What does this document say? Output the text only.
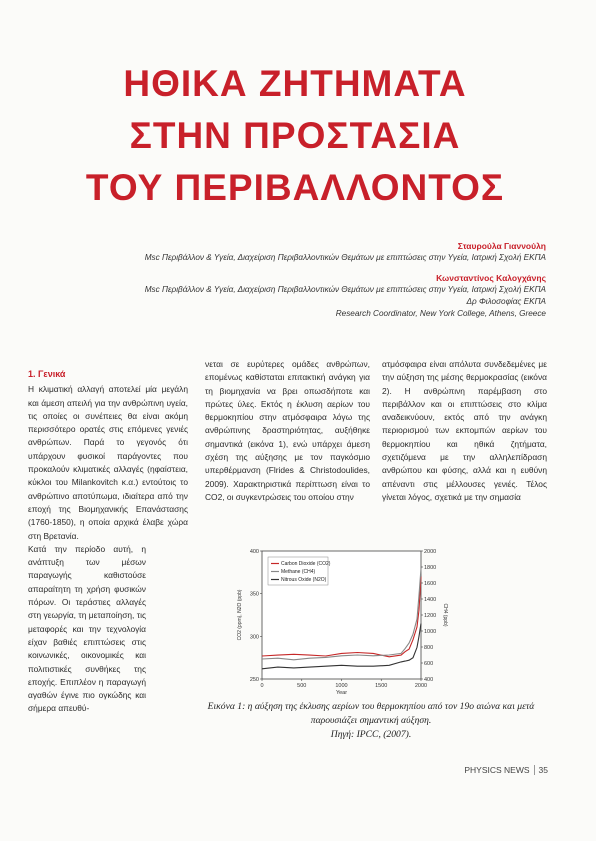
ΗΘΙΚΑ ΖΗΤΗΜΑΤΑ
ΣΤΗΝ ΠΡΟΣΤΑΣΙΑ
ΤΟΥ ΠΕΡΙΒΑΛΛΟΝΤΟΣ
Σταυρούλα Γιαννούλη
Msc Περιβάλλον & Υγεία, Διαχείριση Περιβαλλοντικών Θεμάτων με επιπτώσεις στην Υγεία, Ιατρική Σχολή ΕΚΠΑ
Κωνσταντίνος Καλογχάνης
Msc Περιβάλλον & Υγεία, Διαχείριση Περιβαλλοντικών Θεμάτων με επιπτώσεις στην Υγεία, Ιατρική Σχολή ΕΚΠΑ
Δρ Φιλοσοφίας ΕΚΠΑ
Research Coordinator, New York College, Athens, Greece
1. Γενικά

Η κλιματική αλλαγή αποτελεί μία μεγάλη και άμεση απειλή για την ανθρώπινη υγεία, τις οποίες οι συνέπειες θα είναι ακόμη περισσότερο ορατές στις επόμενες γενιές ανθρώπων. Παρά το γεγονός ότι υπάρχουν φυσικοί παράγοντες που προκαλούν κλιματικές αλλαγές (ηφαίστεια, κύκλοι του Milankovitch κ.α.) εντούτοις το ανθρώπινο αποτύπωμα, ιδιαίτερα από την εποχή της Βιομηχανικής Επανάστασης (1760-1850), η οποία αρχικά έλαβε χώρα στη Βρετανία.

Κατά την περίοδο αυτή, η ανάπτυξη των μέσων παραγωγής καθιστούσε απαραίτητη τη χρήση φυσικών πόρων. Οι τεράστιες αλλαγές στη γεωργία, τη μεταποίηση, τις μεταφορές και την τεχνολογία είχαν βαθιές επιπτώσεις στις κοινωνικές, οικονομικές και πολιτιστικές συνθήκες της εποχής. Επιπλέον η παραγωγή αγαθών έγινε πιο ογκώδης και σήμερα απευθύ-

νεται σε ευρύτερες ομάδες ανθρώπων, επομένως καθίσταται επιτακτική ανάγκη για τη βιομηχανία να βρει οπωσδήποτε και πρώτες ύλες. Εκτός η έκλυση αερίων του θερμοκηπίου στην ατμόσφαιρα λόγω της ανθρώπινης δραστηριότητας, αυξήθηκε σημαντικά (εικόνα 1), ενώ υπάρχει άμεση σχέση της αύξησης με τον παγκόσμιο υπερθέρμανση (Flrides & Christodoulides, 2009). Χαρακτηριστικά περίπτωση είναι το CO2, οι συγκεντρώσεις του οποίου στην

ατμόσφαιρα είναι απόλυτα συνδεδεμένες με την αύξηση της μέσης θερμοκρασίας (εικόνα 2). Η ανθρώπινη παρέμβαση στο περιβάλλον και οι επιπτώσεις στο κλίμα αναδεικνύουν, εκτός από την ανάγκη περιορισμού των εκπομπών αερίων του θερμοκηπίου και ηθικά ζητήματα, σχετιζόμενα με την αλληλεπίδραση ανθρώπου και φύσης, αλλά και η ευθύνη απέναντι στις μέλλουσες γενιές. Τέλος γίνεται λόγος, σχετικά με την σημασία

0	500	1000	1500	2000
Year
250
300
350
400
400
600
800
1000
1200
1400
1600
1800
2000
CO2 (ppm), N2O (ppb)	CH4 (ppb)
Carbon Dioxide (CO2)
Methane (CH4)
Nitrous Oxide (N2O)
Εικόνα 1: η αύξηση της έκλυσης αερίων του θερμοκηπίου από τον 19ο αιώνα και μετά
παρουσιάζει σημαντική αύξηση.
Πηγή: IPCC, (2007).
PHYSICS NEWS 35
